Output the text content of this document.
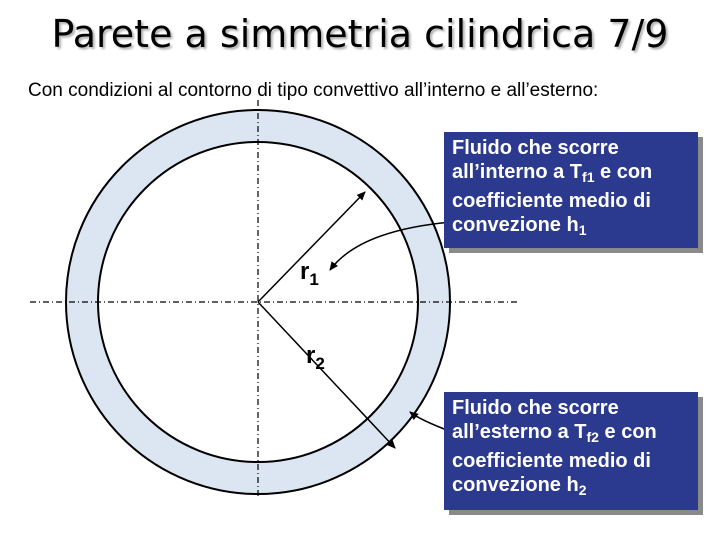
Parete a simmetria cilindrica 7/9
Con condizioni al contorno di tipo convettivo all’interno e all’esterno:
$r_1$
$r_2$
Fluido che scorre
all’interno a $T_{f1}$ e con
coefficiente medio di
convezione $h_1$
Fluido che scorre
all’esterno a $T_{f2}$ e con
coefficiente medio di
convezione $h_2$
